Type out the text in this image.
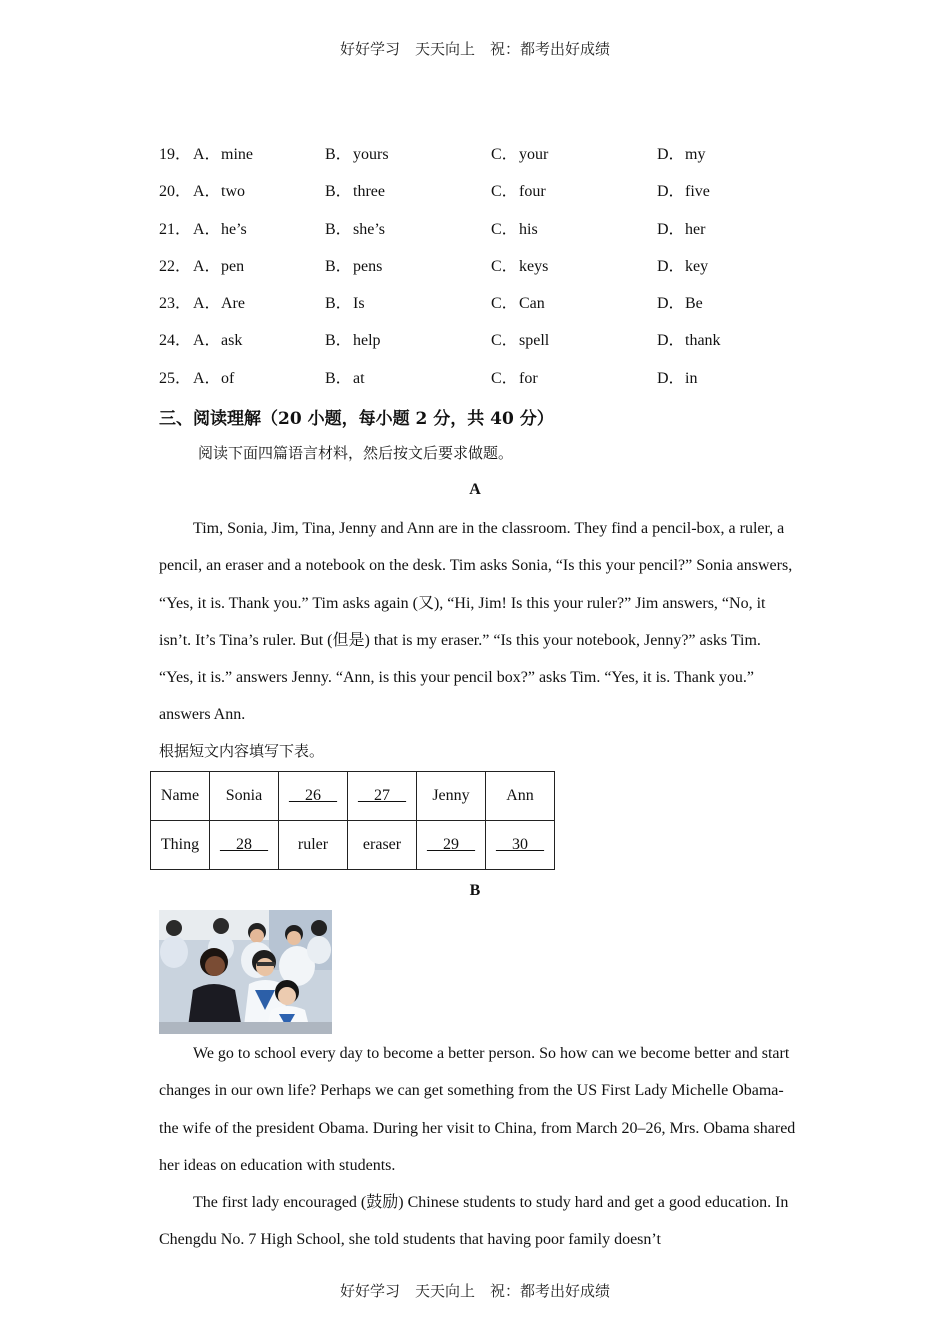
好好学习　天天向上　祝：都考出好成绩
19． A．mine	B．yours	C．your	D．my
20． A．two	B．three	C．four	D．five
21． A．he’s	B．she’s	C．his	D．her
22． A．pen	B．pens	C．keys	D．key
23． A．Are	B．Is	C．Can	D．Be
24． A．ask	B．help	C．spell	D．thank
25． A．of	B．at	C．for	D．in
三、阅读理解（20 小题，每小题 2 分，共 40 分）
阅读下面四篇语言材料，然后按文后要求做题。
A
Tim, Sonia, Jim, Tina, Jenny and Ann are in the classroom. They find a pencil-box, a ruler, a pencil, an eraser and a notebook on the desk. Tim asks Sonia, “Is this your pencil?” Sonia answers, “Yes, it is. Thank you.” Tim asks again (又), “Hi, Jim! Is this your ruler?” Jim answers, “No, it isn’t. It’s Tina’s ruler. But (但是) that is my eraser.” “Is this your notebook, Jenny?” asks Tim. “Yes, it is.” answers Jenny. “Ann, is this your pencil box?” asks Tim. “Yes, it is. Thank you.” answers Ann.
根据短文内容填写下表。
Name	Sonia	__26__	__27__	Jenny	Ann
Thing	__28__	ruler	eraser	__29__	__30__
B
We go to school every day to become a better person. So how can we become better and start changes in our own life? Perhaps we can get something from the US First Lady Michelle Obama-the wife of the president Obama. During her visit to China, from March 20–26, Mrs. Obama shared her ideas on education with students.
The first lady encouraged (鼓励) Chinese students to study hard and get a good education. In Chengdu No. 7 High School, she told students that having poor family doesn’t
好好学习　天天向上　祝：都考出好成绩
